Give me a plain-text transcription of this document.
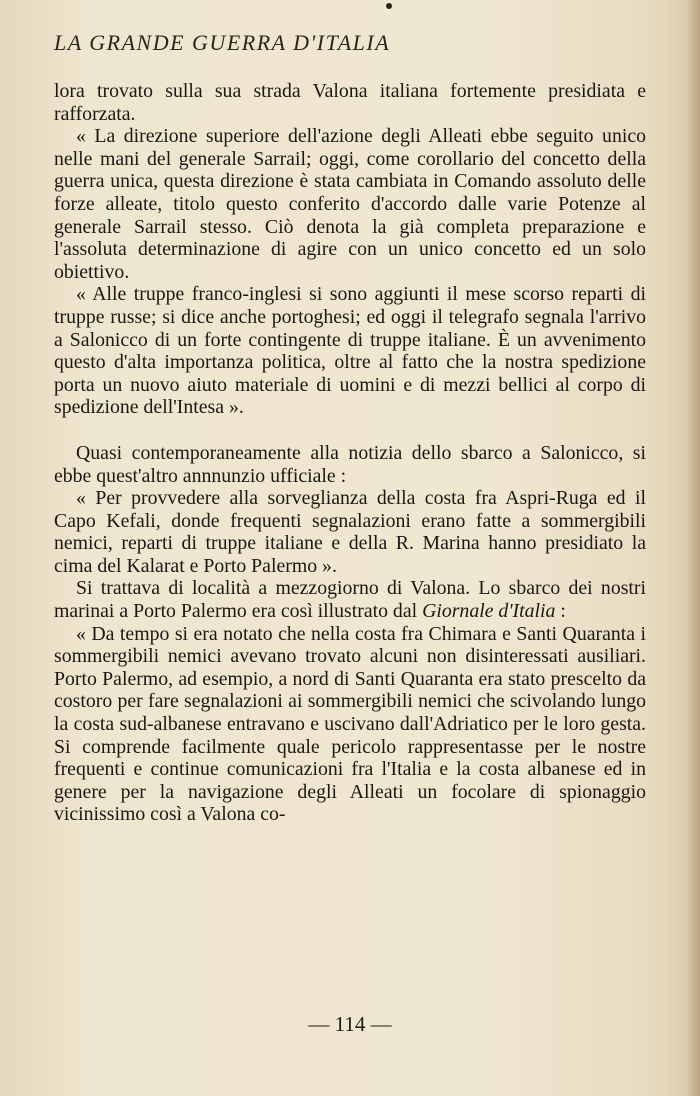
LA GRANDE GUERRA D'ITALIA

lora trovato sulla sua strada Valona italiana fortemente presidiata e rafforzata.

« La direzione superiore dell'azione degli Alleati ebbe seguito unico nelle mani del generale Sarrail; oggi, come corollario del concetto della guerra unica, questa direzione è stata cambiata in Comando assoluto delle forze alleate, titolo questo conferito d'accordo dalle varie Potenze al generale Sarrail stesso. Ciò denota la già completa preparazione e l'assoluta determinazione di agire con un unico concetto ed un solo obiettivo.

« Alle truppe franco-inglesi si sono aggiunti il mese scorso reparti di truppe russe; si dice anche portoghesi; ed oggi il telegrafo segnala l'arrivo a Salonicco di un forte contingente di truppe italiane. È un avvenimento questo d'alta importanza politica, oltre al fatto che la nostra spedizione porta un nuovo aiuto materiale di uomini e di mezzi bellici al corpo di spedizione dell'Intesa ».

Quasi contemporaneamente alla notizia dello sbarco a Salonicco, si ebbe quest'altro annnunzio ufficiale :

« Per provvedere alla sorveglianza della costa fra Aspri-Ruga ed il Capo Kefali, donde frequenti segnalazioni erano fatte a sommergibili nemici, reparti di truppe italiane e della R. Marina hanno presidiato la cima del Kalarat e Porto Palermo ».

Si trattava di località a mezzogiorno di Valona. Lo sbarco dei nostri marinai a Porto Palermo era così illustrato dal Giornale d'Italia :

« Da tempo si era notato che nella costa fra Chimara e Santi Quaranta i sommergibili nemici avevano trovato alcuni non disinteressati ausiliari. Porto Palermo, ad esempio, a nord di Santi Quaranta era stato prescelto da costoro per fare segnalazioni ai sommergibili nemici che scivolando lungo la costa sud-albanese entravano e uscivano dall'Adriatico per le loro gesta. Si comprende facilmente quale pericolo rappresentasse per le nostre frequenti e continue comunicazioni fra l'Italia e la costa albanese ed in genere per la navigazione degli Alleati un focolare di spionaggio vicinissimo così a Valona co-

— 114 —
